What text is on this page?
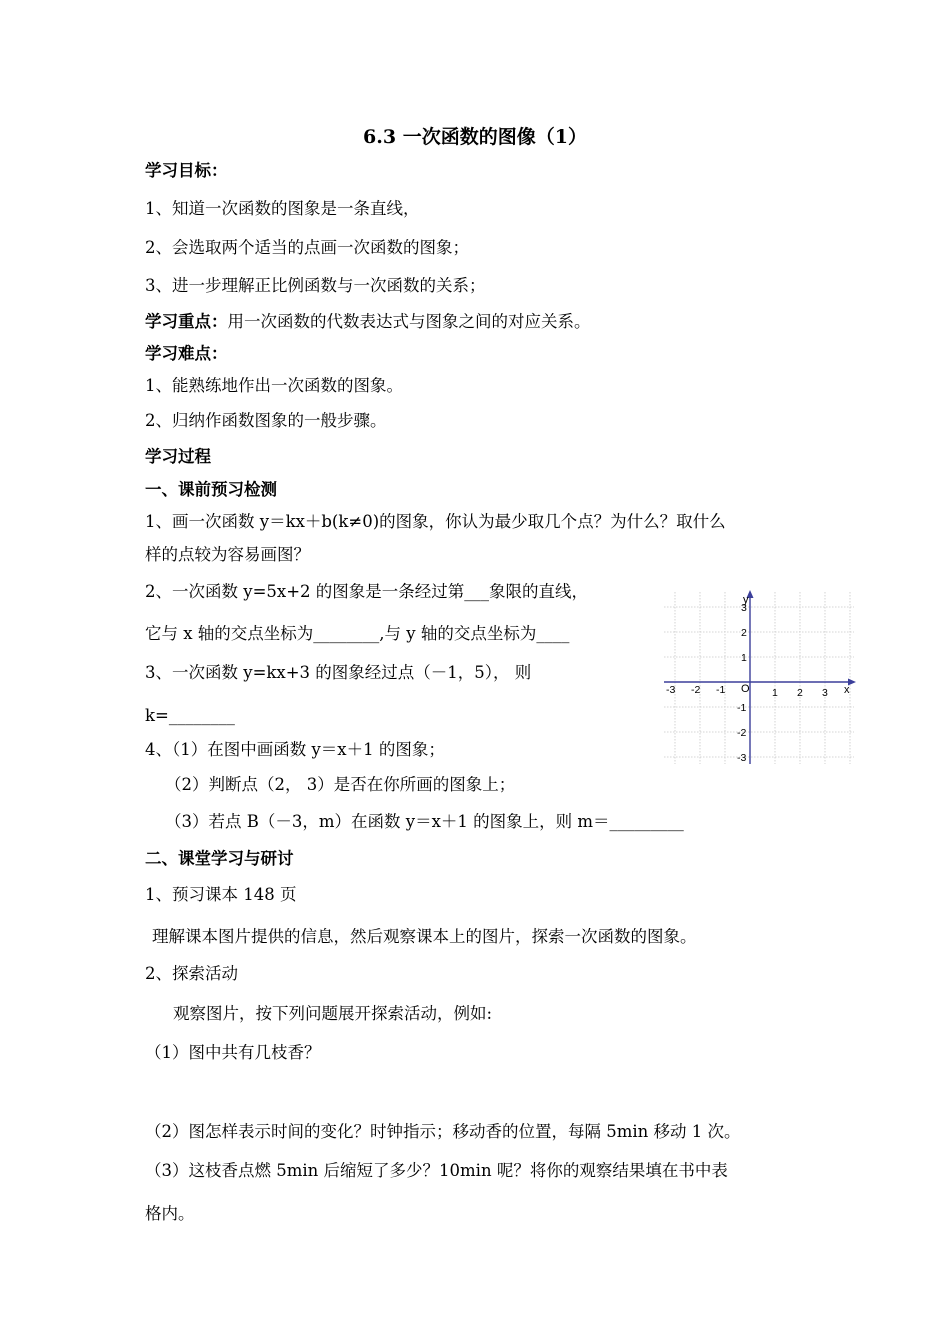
6.3 一次函数的图像（1）
学习目标：
1、知道一次函数的图象是一条直线，
2、会选取两个适当的点画一次函数的图象；
3、进一步理解正比例函数与一次函数的关系；
学习重点：用一次函数的代数表达式与图象之间的对应关系。
学习难点：
1、能熟练地作出一次函数的图象。
2、归纳作函数图象的一般步骤。
学习过程
一、课前预习检测
1、画一次函数 y＝kx＋b(k≠0)的图象，你认为最少取几个点？为什么？取什么
样的点较为容易画图？
2、一次函数 y=5x+2 的图象是一条经过第___象限的直线，
它与 x 轴的交点坐标为________,与 y 轴的交点坐标为____
3、一次函数 y=kx+3 的图象经过点（－1，5）， 则
k=________
4、（1）在图中画函数 y＝x＋1 的图象；
（2）判断点（2， 3）是否在你所画的图象上；
（3）若点 B（－3，m）在函数 y＝x＋1 的图象上，则 m＝_________
x
y
O
-3 -2 -1	1 2 3
3
2
1
-1
-2
-3
二、课堂学习与研讨
1、预习课本 148 页
理解课本图片提供的信息，然后观察课本上的图片，探索一次函数的图象。
2、探索活动
观察图片，按下列问题展开探索活动，例如:
（1）图中共有几枝香？
（2）图怎样表示时间的变化？时钟指示；移动香的位置，每隔 5min 移动 1 次。
（3）这枝香点燃 5min 后缩短了多少？10min 呢？将你的观察结果填在书中表
格内。
